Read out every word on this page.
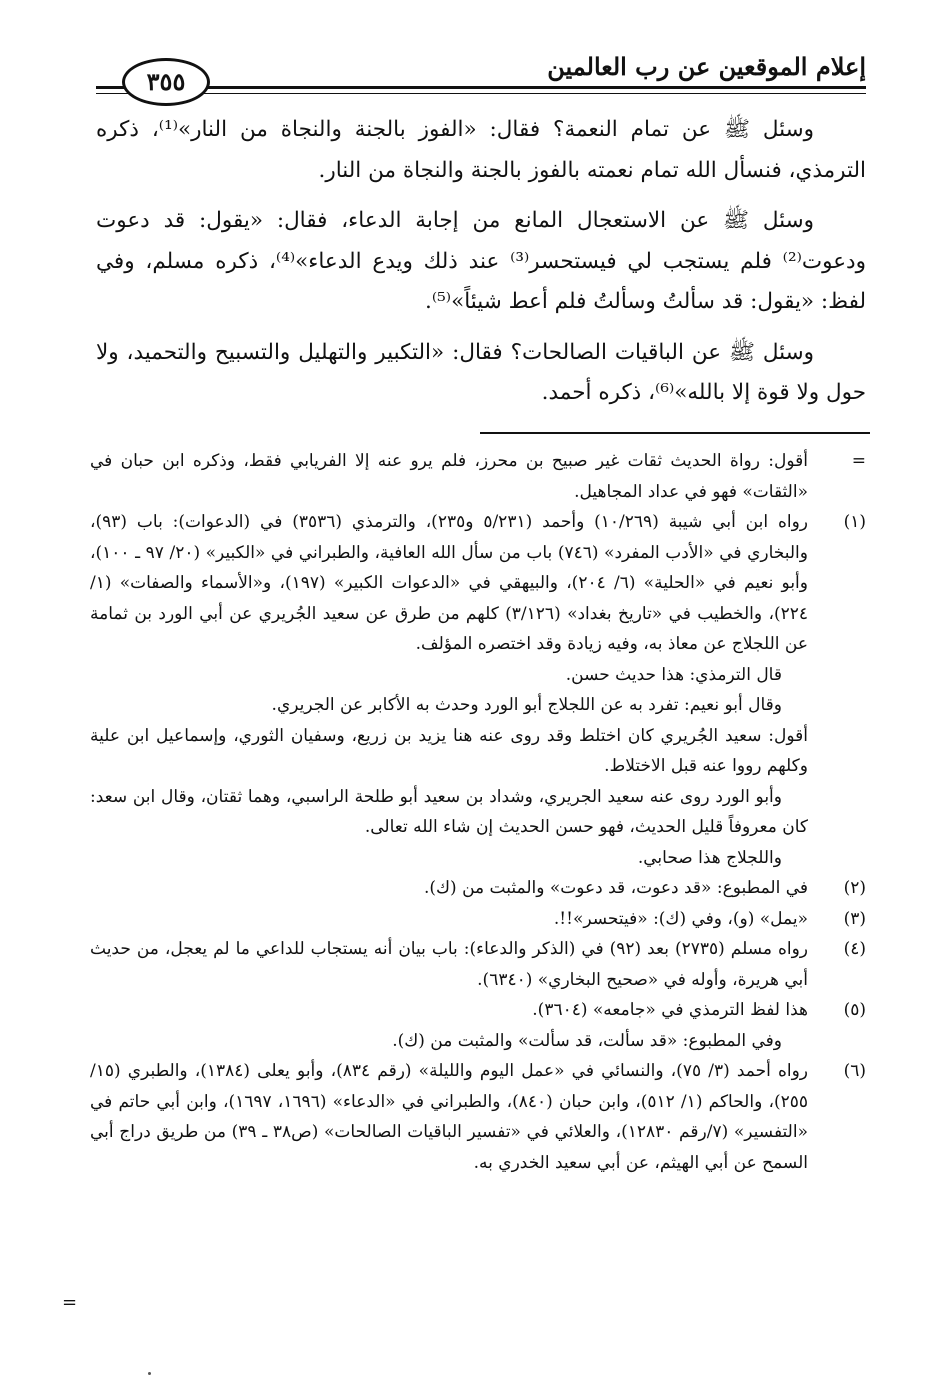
إعلام الموقعين عن رب العالمين
٣٥٥

وسئل ﷺ عن تمام النعمة؟ فقال: «الفوز بالجنة والنجاة من النار»⁽¹⁾، ذكره الترمذي، فنسأل الله تمام نعمته بالفوز بالجنة والنجاة من النار.

وسئل ﷺ عن الاستعجال المانع من إجابة الدعاء، فقال: «يقول: قد دعوت ودعوت⁽²⁾ فلم يستجب لي فيستحسر⁽³⁾ عند ذلك ويدع الدعاء»⁽⁴⁾، ذكره مسلم، وفي لفظ: «يقول: قد سألتُ وسألتُ فلم أعط شيئاً»⁽⁵⁾.

وسئل ﷺ عن الباقيات الصالحات؟ فقال: «التكبير والتهليل والتسبيح والتحميد، ولا حول ولا قوة إلا بالله»⁽⁶⁾، ذكره أحمد.

=
أقول: رواة الحديث ثقات غير صبيح بن محرز، فلم يرو عنه إلا الفريابي فقط، وذكره ابن حبان في «الثقات» فهو في عداد المجاهيل.

(١)
رواه ابن أبي شيبة (١٠/٢٦٩) وأحمد (٥/٢٣١ و٢٣٥)، والترمذي (٣٥٣٦) في (الدعوات): باب (٩٣)، والبخاري في «الأدب المفرد» (٧٤٦) باب من سأل الله العافية، والطبراني في «الكبير» (٢٠/ ٩٧ ـ ١٠٠)، وأبو نعيم في «الحلية» (٦/ ٢٠٤)، والبيهقي في «الدعوات الكبير» (١٩٧)، و«الأسماء والصفات» (١/ ٢٢٤)، والخطيب في «تاريخ بغداد» (٣/١٢٦) كلهم من طرق عن سعيد الجُريري عن أبي الورد بن ثمامة عن اللجلاج عن معاذ به، وفيه زيادة وقد اختصره المؤلف.

قال الترمذي: هذا حديث حسن.

وقال أبو نعيم: تفرد به عن اللجلاج أبو الورد وحدث به الأكابر عن الجريري.

أقول: سعيد الجُريري كان اختلط وقد روى عنه هنا يزيد بن زريع، وسفيان الثوري، وإسماعيل ابن علية وكلهم رووا عنه قبل الاختلاط.

وأبو الورد روى عنه سعيد الجريري، وشداد بن سعيد أبو طلحة الراسبي، وهما ثقتان، وقال ابن سعد: كان معروفاً قليل الحديث، فهو حسن الحديث إن شاء الله تعالى.

واللجلاج هذا صحابي.

(٢)
في المطبوع: «قد دعوت، قد دعوت» والمثبت من (ك).

(٣)
«يمل» (و)، وفي (ك): «فيتحسر»!!.

(٤)
رواه مسلم (٢٧٣٥) بعد (٩٢) في (الذكر والدعاء): باب بيان أنه يستجاب للداعي ما لم يعجل، من حديث أبي هريرة، وأوله في «صحيح البخاري» (٦٣٤٠).

(٥)
هذا لفظ الترمذي في «جامعه» (٣٦٠٤).

وفي المطبوع: «قد سألت، قد سألت» والمثبت من (ك).

(٦)
رواه أحمد (٣/ ٧٥)، والنسائي في «عمل اليوم والليلة» (رقم ٨٣٤)، وأبو يعلى (١٣٨٤)، والطبري (١٥/ ٢٥٥)، والحاكم (١/ ٥١٢)، وابن حبان (٨٤٠)، والطبراني في «الدعاء» (١٦٩٦، ١٦٩٧)، وابن أبي حاتم في «التفسير» (٧/رقم ١٢٨٣٠)، والعلائي في «تفسير الباقيات الصالحات» (ص٣٨ ـ ٣٩) من طريق دراج أبي السمح عن أبي الهيثم، عن أبي سعيد الخدري به.

=
